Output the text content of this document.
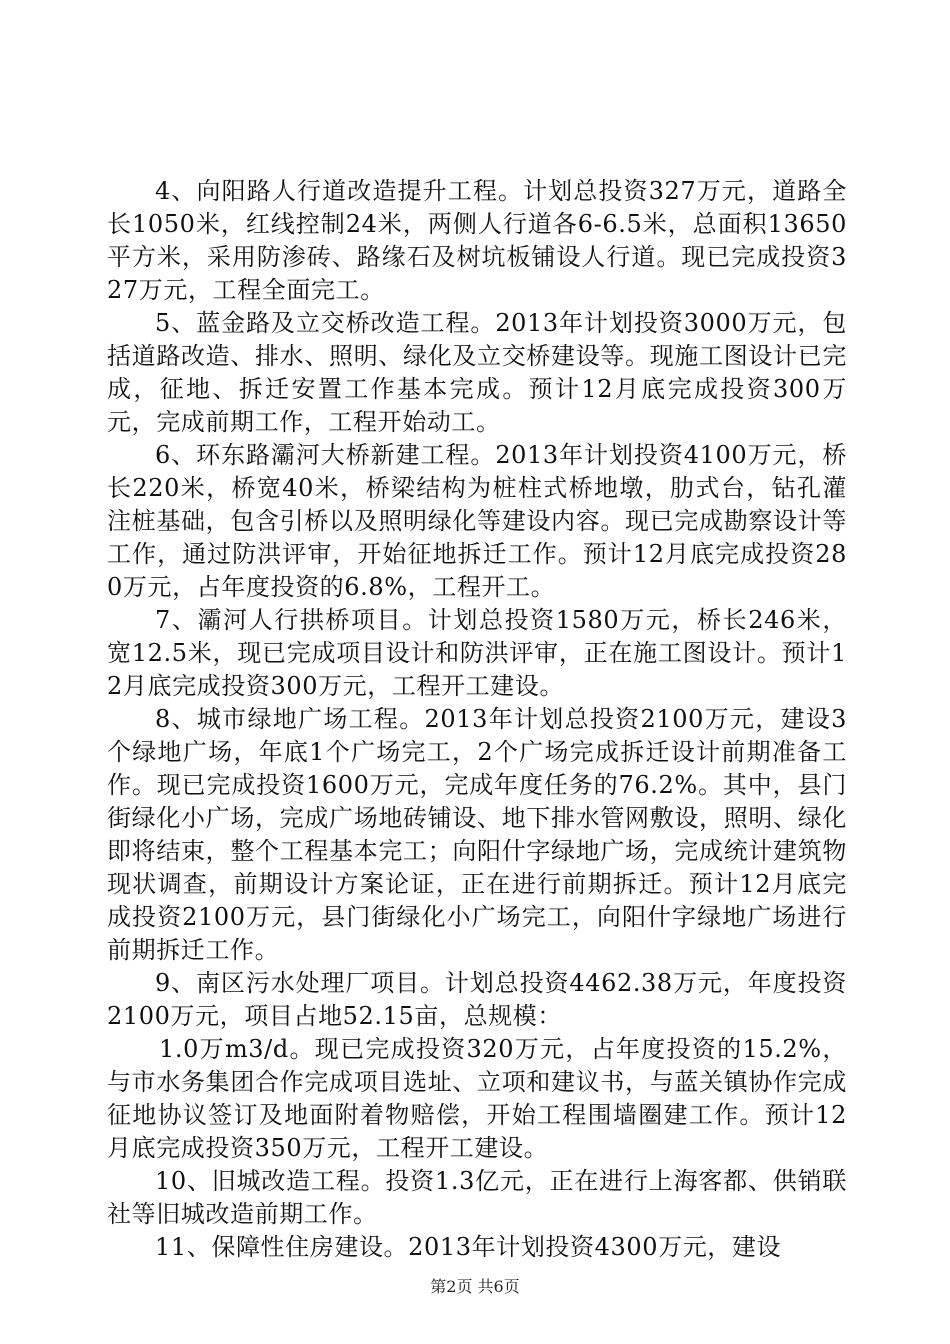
4、向阳路人行道改造提升工程。计划总投资327万元，道路全长1050米，红线控制24米，两侧人行道各6-6.5米，总面积13650平方米，采用防渗砖、路缘石及树坑板铺设人行道。现已完成投资327万元，工程全面完工。

5、蓝金路及立交桥改造工程。2013年计划投资3000万元，包括道路改造、排水、照明、绿化及立交桥建设等。现施工图设计已完成，征地、拆迁安置工作基本完成。预计12月底完成投资300万元，完成前期工作，工程开始动工。

6、环东路灞河大桥新建工程。2013年计划投资4100万元，桥长220米，桥宽40米，桥梁结构为桩柱式桥地墩，肋式台，钻孔灌注桩基础，包含引桥以及照明绿化等建设内容。现已完成勘察设计等工作，通过防洪评审，开始征地拆迁工作。预计12月底完成投资280万元，占年度投资的6.8%，工程开工。

7、灞河人行拱桥项目。计划总投资1580万元，桥长246米，宽12.5米，现已完成项目设计和防洪评审，正在施工图设计。预计12月底完成投资300万元，工程开工建设。

8、城市绿地广场工程。2013年计划总投资2100万元，建设3个绿地广场，年底1个广场完工，2个广场完成拆迁设计前期准备工作。现已完成投资1600万元，完成年度任务的76.2%。其中，县门街绿化小广场，完成广场地砖铺设、地下排水管网敷设，照明、绿化即将结束，整个工程基本完工；向阳什字绿地广场，完成统计建筑物现状调查，前期设计方案论证，正在进行前期拆迁。预计12月底完成投资2100万元，县门街绿化小广场完工，向阳什字绿地广场进行前期拆迁工作。

9、南区污水处理厂项目。计划总投资4462.38万元，年度投资2100万元，项目占地52.15亩，总规模：

1.0万m3/d。现已完成投资320万元，占年度投资的15.2%，与市水务集团合作完成项目选址、立项和建议书，与蓝关镇协作完成征地协议签订及地面附着物赔偿，开始工程围墙圈建工作。预计12月底完成投资350万元，工程开工建设。

10、旧城改造工程。投资1.3亿元，正在进行上海客都、供销联社等旧城改造前期工作。

11、保障性住房建设。2013年计划投资4300万元，建设

第2页 共6页
